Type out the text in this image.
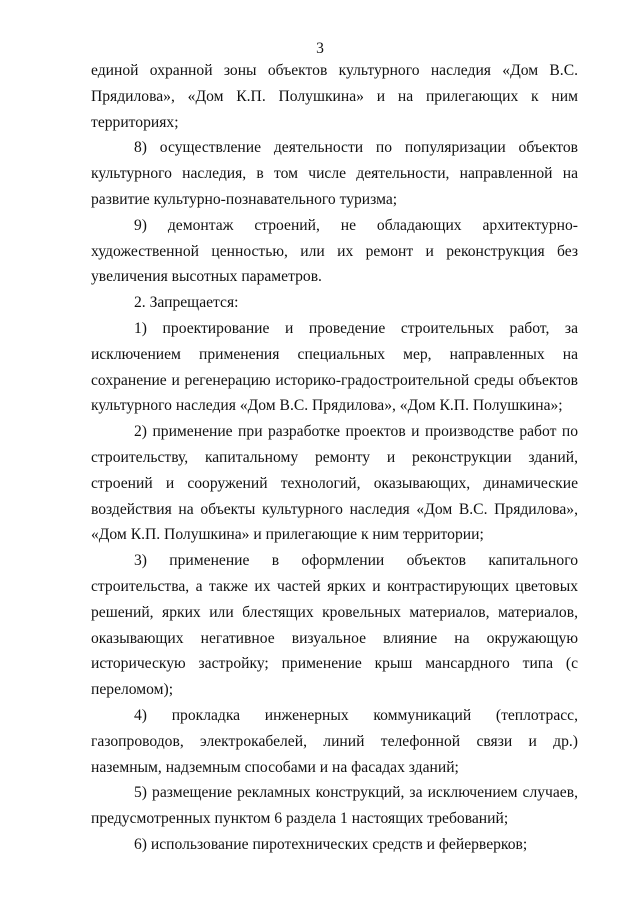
3

единой охранной зоны объектов культурного наследия «Дом В.С. Прядилова», «Дом К.П. Полушкина» и на прилегающих к ним территориях;

8) осуществление деятельности по популяризации объектов культурного наследия, в том числе деятельности, направленной на развитие культурно-познавательного туризма;

9) демонтаж строений, не обладающих архитектурно-художественной ценностью, или их ремонт и реконструкция без увеличения высотных параметров.

2. Запрещается:

1) проектирование и проведение строительных работ, за исключением применения специальных мер, направленных на сохранение и регенерацию историко-градостроительной среды объектов культурного наследия «Дом В.С. Прядилова», «Дом К.П. Полушкина»;

2) применение при разработке проектов и производстве работ по строительству, капитальному ремонту и реконструкции зданий, строений и сооружений технологий, оказывающих, динамические воздействия на объекты культурного наследия «Дом В.С. Прядилова», «Дом К.П. Полушкина» и прилегающие к ним территории;

3) применение в оформлении объектов капитального строительства, а также их частей ярких и контрастирующих цветовых решений, ярких или блестящих кровельных материалов, материалов, оказывающих негативное визуальное влияние на окружающую историческую застройку; применение крыш мансардного типа (с переломом);

4) прокладка инженерных коммуникаций (теплотрасс, газопроводов, электрокабелей, линий телефонной связи и др.) наземным, надземным способами и на фасадах зданий;

5) размещение рекламных конструкций, за исключением случаев, предусмотренных пунктом 6 раздела 1 настоящих требований;

6) использование пиротехнических средств и фейерверков;
